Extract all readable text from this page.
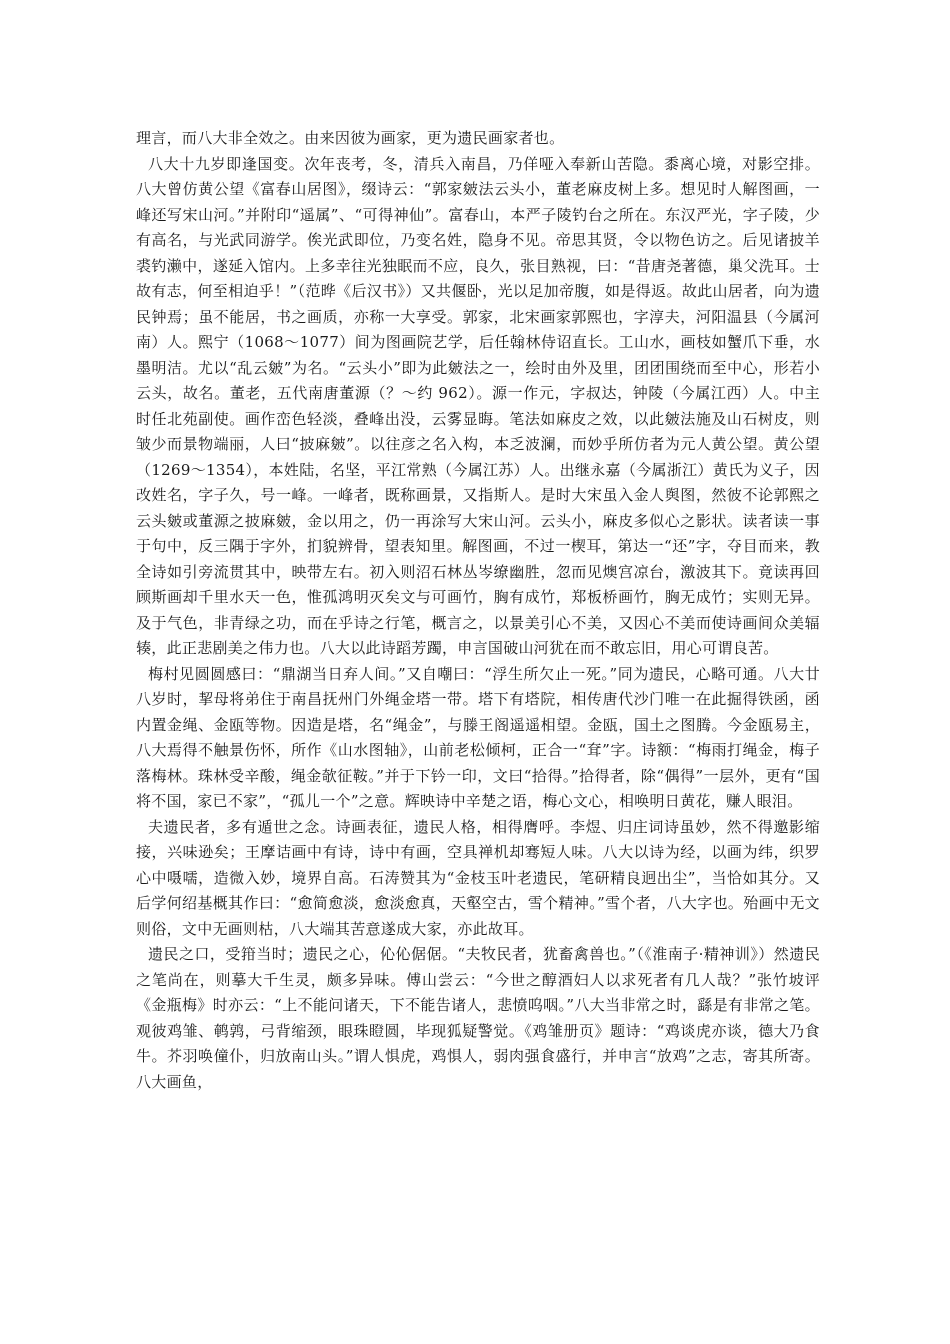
理言，而八大非全效之。由来因彼为画家，更为遗民画家者也。

八大十九岁即逢国变。次年丧考，冬，清兵入南昌，乃佯哑入奉新山苦隐。黍离心境，对影空排。八大曾仿黄公望《富春山居图》，缀诗云：“郭家皴法云头小，董老麻皮树上多。想见时人解图画，一峰还写宋山河。”并附印“遥属”、“可得神仙”。富春山，本严子陵钓台之所在。东汉严光，字子陵，少有高名，与光武同游学。俟光武即位，乃变名姓，隐身不见。帝思其贤，令以物色访之。后见诸披羊裘钓濑中，遂延入馆内。上多幸往光独眠而不应，良久，张目熟视，曰：“昔唐尧著德，巢父洗耳。士故有志，何至相迫乎！”（范晔《后汉书》）又共偃卧，光以足加帝腹，如是得返。故此山居者，向为遗民钟焉；虽不能居，书之画质，亦称一大享受。郭家，北宋画家郭熙也，字淳夫，河阳温县（今属河南）人。熙宁（1068～1077）间为图画院艺学，后任翰林侍诏直长。工山水，画枝如蟹爪下垂，水墨明洁。尤以“乱云皴”为名。“云头小”即为此皴法之一，绘时由外及里，团团围绕而至中心，形若小云头，故名。董老，五代南唐董源（？～约 962）。源一作元，字叔达，钟陵（今属江西）人。中主时任北苑副使。画作峦色轻淡，叠峰出没，云雾显晦。笔法如麻皮之效，以此皴法施及山石树皮，则皱少而景物端丽，人曰“披麻皴”。以往彦之名入构，本乏波澜，而妙乎所仿者为元人黄公望。黄公望（1269～1354），本姓陆，名坚，平江常熟（今属江苏）人。出继永嘉（今属浙江）黄氏为义子，因改姓名，字子久，号一峰。一峰者，既称画景，又指斯人。是时大宋虽入金人舆图，然彼不论郭熙之云头皴或董源之披麻皴，金以用之，仍一再涂写大宋山河。云头小，麻皮多似心之影状。读者读一事于句中，反三隅于字外，扪貌辨骨，望表知里。解图画，不过一楔耳，第达一“还”字，夺目而来，教全诗如引旁流贯其中，映带左右。初入则沼石林丛岑缭幽胜，忽而见燠宫凉台，激波其下。竟读再回顾斯画却千里水天一色，惟孤鸿明灭矣文与可画竹，胸有成竹，郑板桥画竹，胸无成竹；实则无异。及于气色，非青绿之功，而在乎诗之行笔，概言之，以景美引心不美，又因心不美而使诗画间众美辐辏，此正悲剧美之伟力也。八大以此诗蹈芳躅，申言国破山河犹在而不敢忘旧，用心可谓良苦。

梅村见圆圆感曰：“鼎湖当日弃人间。”又自嘲曰：“浮生所欠止一死。”同为遗民，心略可通。八大廿八岁时，挈母将弟住于南昌抚州门外绳金塔一带。塔下有塔院，相传唐代沙门唯一在此掘得铁函，函内置金绳、金瓯等物。因造是塔，名“绳金”，与滕王阁遥遥相望。金瓯，国土之图腾。今金瓯易主，八大焉得不触景伤怀，所作《山水图轴》，山前老松倾柯，正合一“耷”字。诗额：“梅雨打绳金，梅子落梅林。珠林受辛酸，绳金欹征鞍。”并于下钤一印，文曰“拾得。”拾得者，除“偶得”一层外，更有“国将不国，家已不家”，“孤儿一个”之意。辉映诗中辛楚之语，梅心文心，相唤明日黄花，赚人眼泪。

夫遗民者，多有遁世之念。诗画表征，遗民人格，相得膺呼。李煜、归庄词诗虽妙，然不得邀影缩接，兴味逊矣；王摩诘画中有诗，诗中有画，空具禅机却骞短人味。八大以诗为经，以画为纬，织罗心中嗫嚅，造微入妙，境界自高。石涛赞其为“金枝玉叶老遗民，笔研精良迥出尘”，当恰如其分。又后学何绍基概其作曰：“愈简愈淡，愈淡愈真，天壑空古，雪个精神。”雪个者，八大字也。殆画中无文则俗，文中无画则枯，八大端其苦意遂成大家，亦此故耳。

遗民之口，受箝当时；遗民之心，伈伈倨倨。“夫牧民者，犹畜禽兽也。”（《淮南子·精神训》）然遗民之笔尚在，则摹大千生灵，颇多异味。傅山尝云：“今世之醇酒妇人以求死者有几人哉？”张竹坡评《金瓶梅》时亦云：“上不能问诸天，下不能告诸人，悲愤呜咽。”八大当非常之时，繇是有非常之笔。观彼鸡雏、鹌鹑，弓背缩颈，眼珠瞪圆，毕现狐疑警觉。《鸡雏册页》题诗：“鸡谈虎亦谈，德大乃食牛。芥羽唤僮仆，归放南山头。”谓人惧虎，鸡惧人，弱肉强食盛行，并申言“放鸡”之志，寄其所寄。八大画鱼，
